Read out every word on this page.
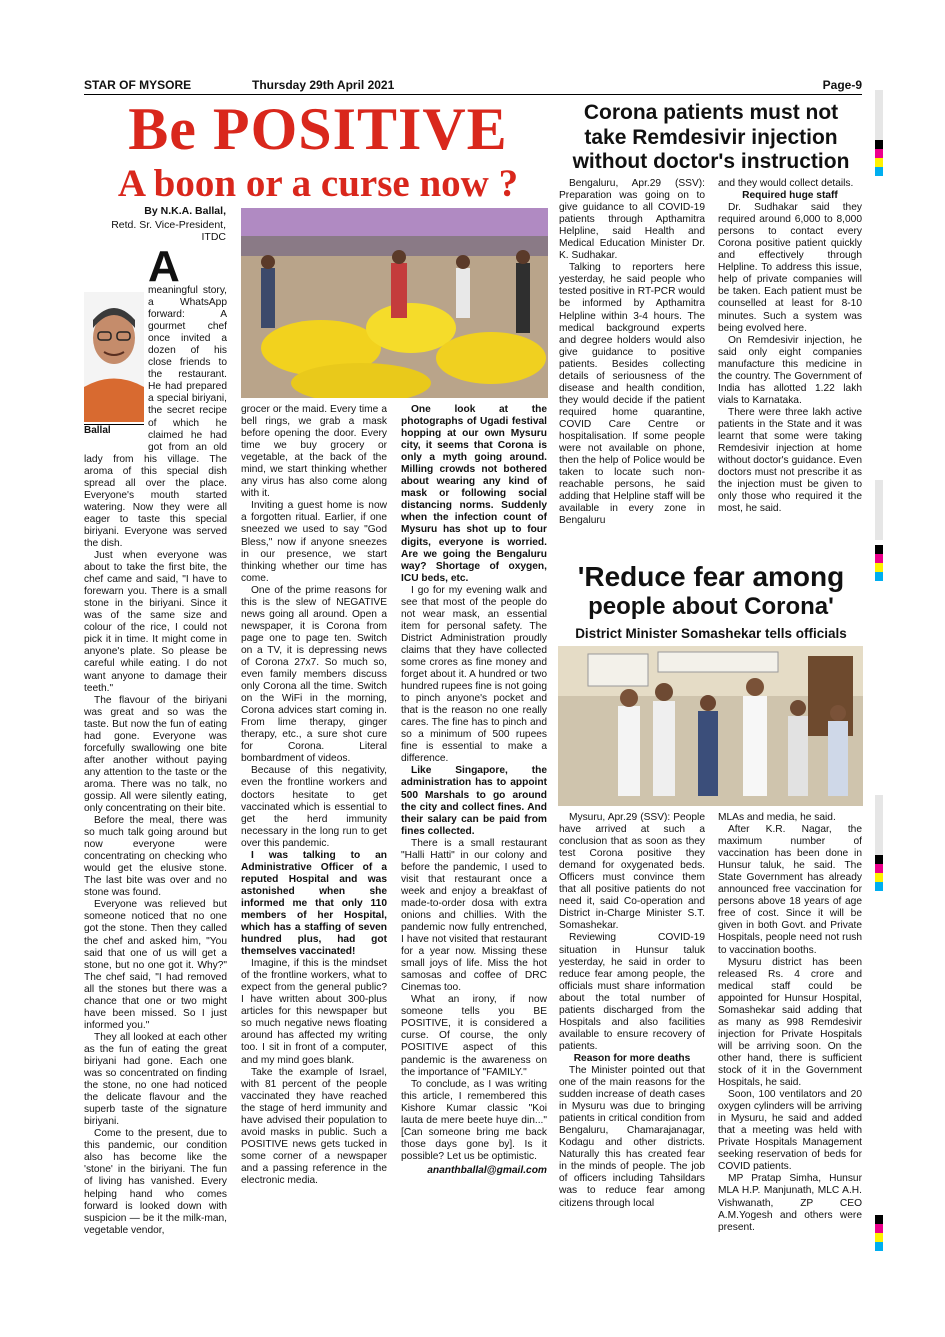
STAR OF MYSORE	Thursday 29th April 2021	Page-9
Be POSITIVE
A boon or a curse now ?
By N.K.A. Ballal,
Retd. Sr. Vice-President, ITDC
Ballal
A

meaningful story, a WhatsApp forward: A gourmet chef once invited a dozen of his close friends to the restaurant. He had prepared a special biriyani, the secret recipe of which he claimed he had got from an old lady from his village. The aroma of this special dish spread all over the place. Everyone's mouth started watering. Now they were all eager to taste this special biriyani. Everyone was served the dish.

Just when everyone was about to take the first bite, the chef came and said, "I have to forewarn you. There is a small stone in the biriyani. Since it was of the same size and colour of the rice, I could not pick it in time. It might come in anyone's plate. So please be careful while eating. I do not want anyone to damage their teeth."

The flavour of the biriyani was great and so was the taste. But now the fun of eating had gone. Everyone was forcefully swallowing one bite after another without paying any attention to the taste or the aroma. There was no talk, no gossip. All were silently eating, only concentrating on their bite.

Before the meal, there was so much talk going around but now everyone were concentrating on checking who would get the elusive stone. The last bite was over and no stone was found.

Everyone was relieved but someone noticed that no one got the stone. Then they called the chef and asked him, "You said that one of us will get a stone, but no one got it. Why?" The chef said, "I had removed all the stones but there was a chance that one or two might have been missed. So I just informed you."

They all looked at each other as the fun of eating the great biriyani had gone. Each one was so concentrated on finding the stone, no one had noticed the delicate flavour and the superb taste of the signature biriyani.

Come to the present, due to this pandemic, our condition also has become like the 'stone' in the biriyani. The fun of living has vanished. Every helping hand who comes forward is looked down with suspicion — be it the milk-man, vegetable vendor,

grocer or the maid. Every time a bell rings, we grab a mask before opening the door. Every time we buy grocery or vegetable, at the back of the mind, we start thinking whether any virus has also come along with it.

Inviting a guest home is now a forgotten ritual. Earlier, if one sneezed we used to say "God Bless," now if anyone sneezes in our presence, we start thinking whether our time has come.

One of the prime reasons for this is the slew of NEGATIVE news going all around. Open a newspaper, it is Corona from page one to page ten. Switch on a TV, it is depressing news of Corona 27x7. So much so, even family members discuss only Corona all the time. Switch on the WiFi in the morning, Corona advices start coming in. From lime therapy, ginger therapy, etc., a sure shot cure for Corona. Literal bombardment of videos.

Because of this negativity, even the frontline workers and doctors hesitate to get vaccinated which is essential to get the herd immunity necessary in the long run to get over this pandemic.

I was talking to an Administrative Officer of a reputed Hospital and was astonished when she informed me that only 110 members of her Hospital, which has a staffing of seven hundred plus, had got themselves vaccinated!

Imagine, if this is the mindset of the frontline workers, what to expect from the general public? I have written about 300-plus articles for this newspaper but so much negative news floating around has affected my writing too. I sit in front of a computer, and my mind goes blank.

Take the example of Israel, with 81 percent of the people vaccinated they have reached the stage of herd immunity and have advised their population to avoid masks in public. Such a POSITIVE news gets tucked in some corner of a newspaper and a passing reference in the electronic media.

One look at the photographs of Ugadi festival hopping at our own Mysuru city, it seems that Corona is only a myth going around. Milling crowds not bothered about wearing any kind of mask or following social distancing norms. Suddenly when the infection count of Mysuru has shot up to four digits, everyone is worried. Are we going the Bengaluru way? Shortage of oxygen, ICU beds, etc.

I go for my evening walk and see that most of the people do not wear mask, an essential item for personal safety. The District Administration proudly claims that they have collected some crores as fine money and forget about it. A hundred or two hundred rupees fine is not going to pinch anyone's pocket and that is the reason no one really cares. The fine has to pinch and so a minimum of 500 rupees fine is essential to make a difference.

Like Singapore, the administration has to appoint 500 Marshals to go around the city and collect fines. And their salary can be paid from fines collected.

There is a small restaurant "Halli Hatti" in our colony and before the pandemic, I used to visit that restaurant once a week and enjoy a breakfast of made-to-order dosa with extra onions and chillies. With the pandemic now fully entrenched, I have not visited that restaurant for a year now. Missing these small joys of life. Miss the hot samosas and coffee of DRC Cinemas too.

What an irony, if now someone tells you BE POSITIVE, it is considered a curse. Of course, the only POSITIVE aspect of this pandemic is the awareness on the importance of "FAMILY."

To conclude, as I was writing this article, I remembered this Kishore Kumar classic "Koi lauta de mere beete huye din..." [Can someone bring me back those days gone by]. Is it possible? Let us be optimistic.

ananthballal@gmail.com
Corona patients must not
take Remdesivir injection
without doctor's instruction

Bengaluru, Apr.29 (SSV): Preparation was going on to give guidance to all COVID-19 patients through Apthamitra Helpline, said Health and Medical Education Minister Dr. K. Sudhakar.

Talking to reporters here yesterday, he said people who tested positive in RT-PCR would be informed by Apthamitra Helpline within 3-4 hours. The medical background experts and degree holders would also give guidance to positive patients. Besides collecting details of seriousness of the disease and health condition, they would decide if the patient required home quarantine, COVID Care Centre or hospitalisation. If some people were not available on phone, then the help of Police would be taken to locate such non-reachable persons, he said adding that Helpline staff will be available in every zone in Bengaluru

and they would collect details.

Required huge staff

Dr. Sudhakar said they required around 6,000 to 8,000 persons to contact every Corona positive patient quickly and effectively through Helpline. To address this issue, help of private companies will be taken. Each patient must be counselled at least for 8-10 minutes. Such a system was being evolved here.

On Remdesivir injection, he said only eight companies manufacture this medicine in the country. The Government of India has allotted 1.22 lakh vials to Karnataka.

There were three lakh active patients in the State and it was learnt that some were taking Remdesivir injection at home without doctor's guidance. Even doctors must not prescribe it as the injection must be given to only those who required it the most, he said.

'Reduce fear among
people about Corona'
District Minister Somashekar tells officials

Mysuru, Apr.29 (SSV): People have arrived at such a conclusion that as soon as they test Corona positive they demand for oxygenated beds. Officers must convince them that all positive patients do not need it, said Co-operation and District in-Charge Minister S.T. Somashekar.

Reviewing COVID-19 situation in Hunsur taluk yesterday, he said in order to reduce fear among people, the officials must share information about the total number of patients discharged from the Hospitals and also facilities available to ensure recovery of patients.

Reason for more deaths

The Minister pointed out that one of the main reasons for the sudden increase of death cases in Mysuru was due to bringing patients in critical condition from Bengaluru, Chamarajanagar, Kodagu and other districts. Naturally this has created fear in the minds of people. The job of officers including Tahsildars was to reduce fear among citizens through local

MLAs and media, he said.

After K.R. Nagar, the maximum number of vaccination has been done in Hunsur taluk, he said. The State Government has already announced free vaccination for persons above 18 years of age free of cost. Since it will be given in both Govt. and Private Hospitals, people need not rush to vaccination booths.

Mysuru district has been released Rs. 4 crore and medical staff could be appointed for Hunsur Hospital, Somashekar said adding that as many as 998 Remdesivir injection for Private Hospitals will be arriving soon. On the other hand, there is sufficient stock of it in the Government Hospitals, he said.

Soon, 100 ventilators and 20 oxygen cylinders will be arriving in Mysuru, he said and added that a meeting was held with Private Hospitals Management seeking reservation of beds for COVID patients.

MP Pratap Simha, Hunsur MLA H.P. Manjunath, MLC A.H. Vishwanath, ZP CEO A.M.Yogesh and others were present.
